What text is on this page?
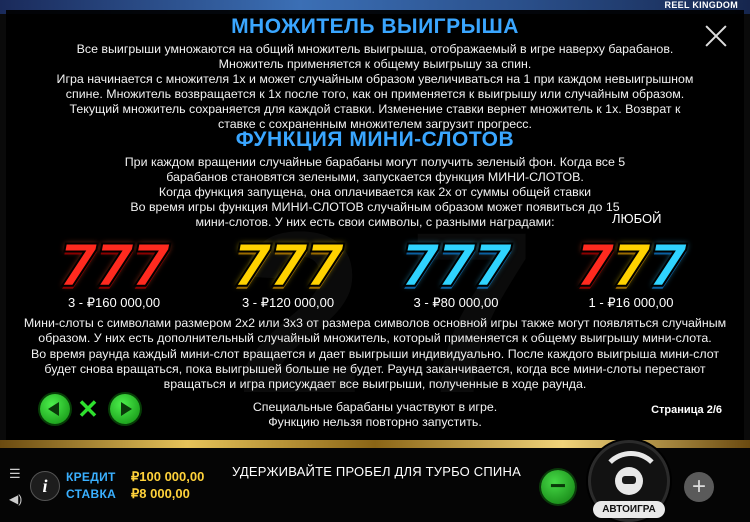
REEL KINGDOM
МНОЖИТЕЛЬ ВЫИГРЫША
Все выигрыши умножаются на общий множитель выигрыша, отображаемый в игре наверху барабанов.
Множитель применяется к общему выигрышу за спин.
Игра начинается с множителя 1х и может случайным образом увеличиваться на 1 при каждом невыигрышном
спине. Множитель возвращается к 1х после того, как он применяется к выигрышу или случайным образом.
Текущий множитель сохраняется для каждой ставки. Изменение ставки вернет множитель к 1х. Возврат к
ставке с сохраненным множителем загрузит прогресс.
ФУНКЦИЯ МИНИ-СЛОТОВ
При каждом вращении случайные барабаны могут получить зеленый фон. Когда все 5
барабанов становятся зелеными, запускается функция МИНИ-СЛОТОВ.
Когда функция запущена, она оплачивается как 2х от суммы общей ставки
Во время игры функция МИНИ-СЛОТОВ случайным образом может появиться до 15
мини-слотов. У них есть свои символы, с разными наградами:	ЛЮБОЙ
7
7
7 7
7
7 7
7
7 7
7
7
3 - ₽160 000,00	3 - ₽120 000,00	3 - ₽80 000,00	1 - ₽16 000,00
Мини-слоты с символами размером 2х2 или 3х3 от размера символов основной игры также могут появляться случайным
образом. У них есть дополнительный случайный множитель, который применяется к общему выигрышу мини-слота.
Во время раунда каждый мини-слот вращается и дает выигрыши индивидуально. После каждого выигрыша мини-слот
будет снова вращаться, пока выигрышей больше не будет. Раунд заканчивается, когда все мини-слоты перестают
вращаться и игра присуждает все выигрыши, полученные в ходе раунда.
Специальные барабаны участвуют в игре.
Функцию нельзя повторно запустить.
✕	Страница 2/6
☰
◀)
i	КРЕДИТ ₽100 000,00
СТАВКА ₽8 000,00
УДЕРЖИВАЙТЕ ПРОБЕЛ ДЛЯ ТУРБО СПИНА	−
АВТОИГРА
+
